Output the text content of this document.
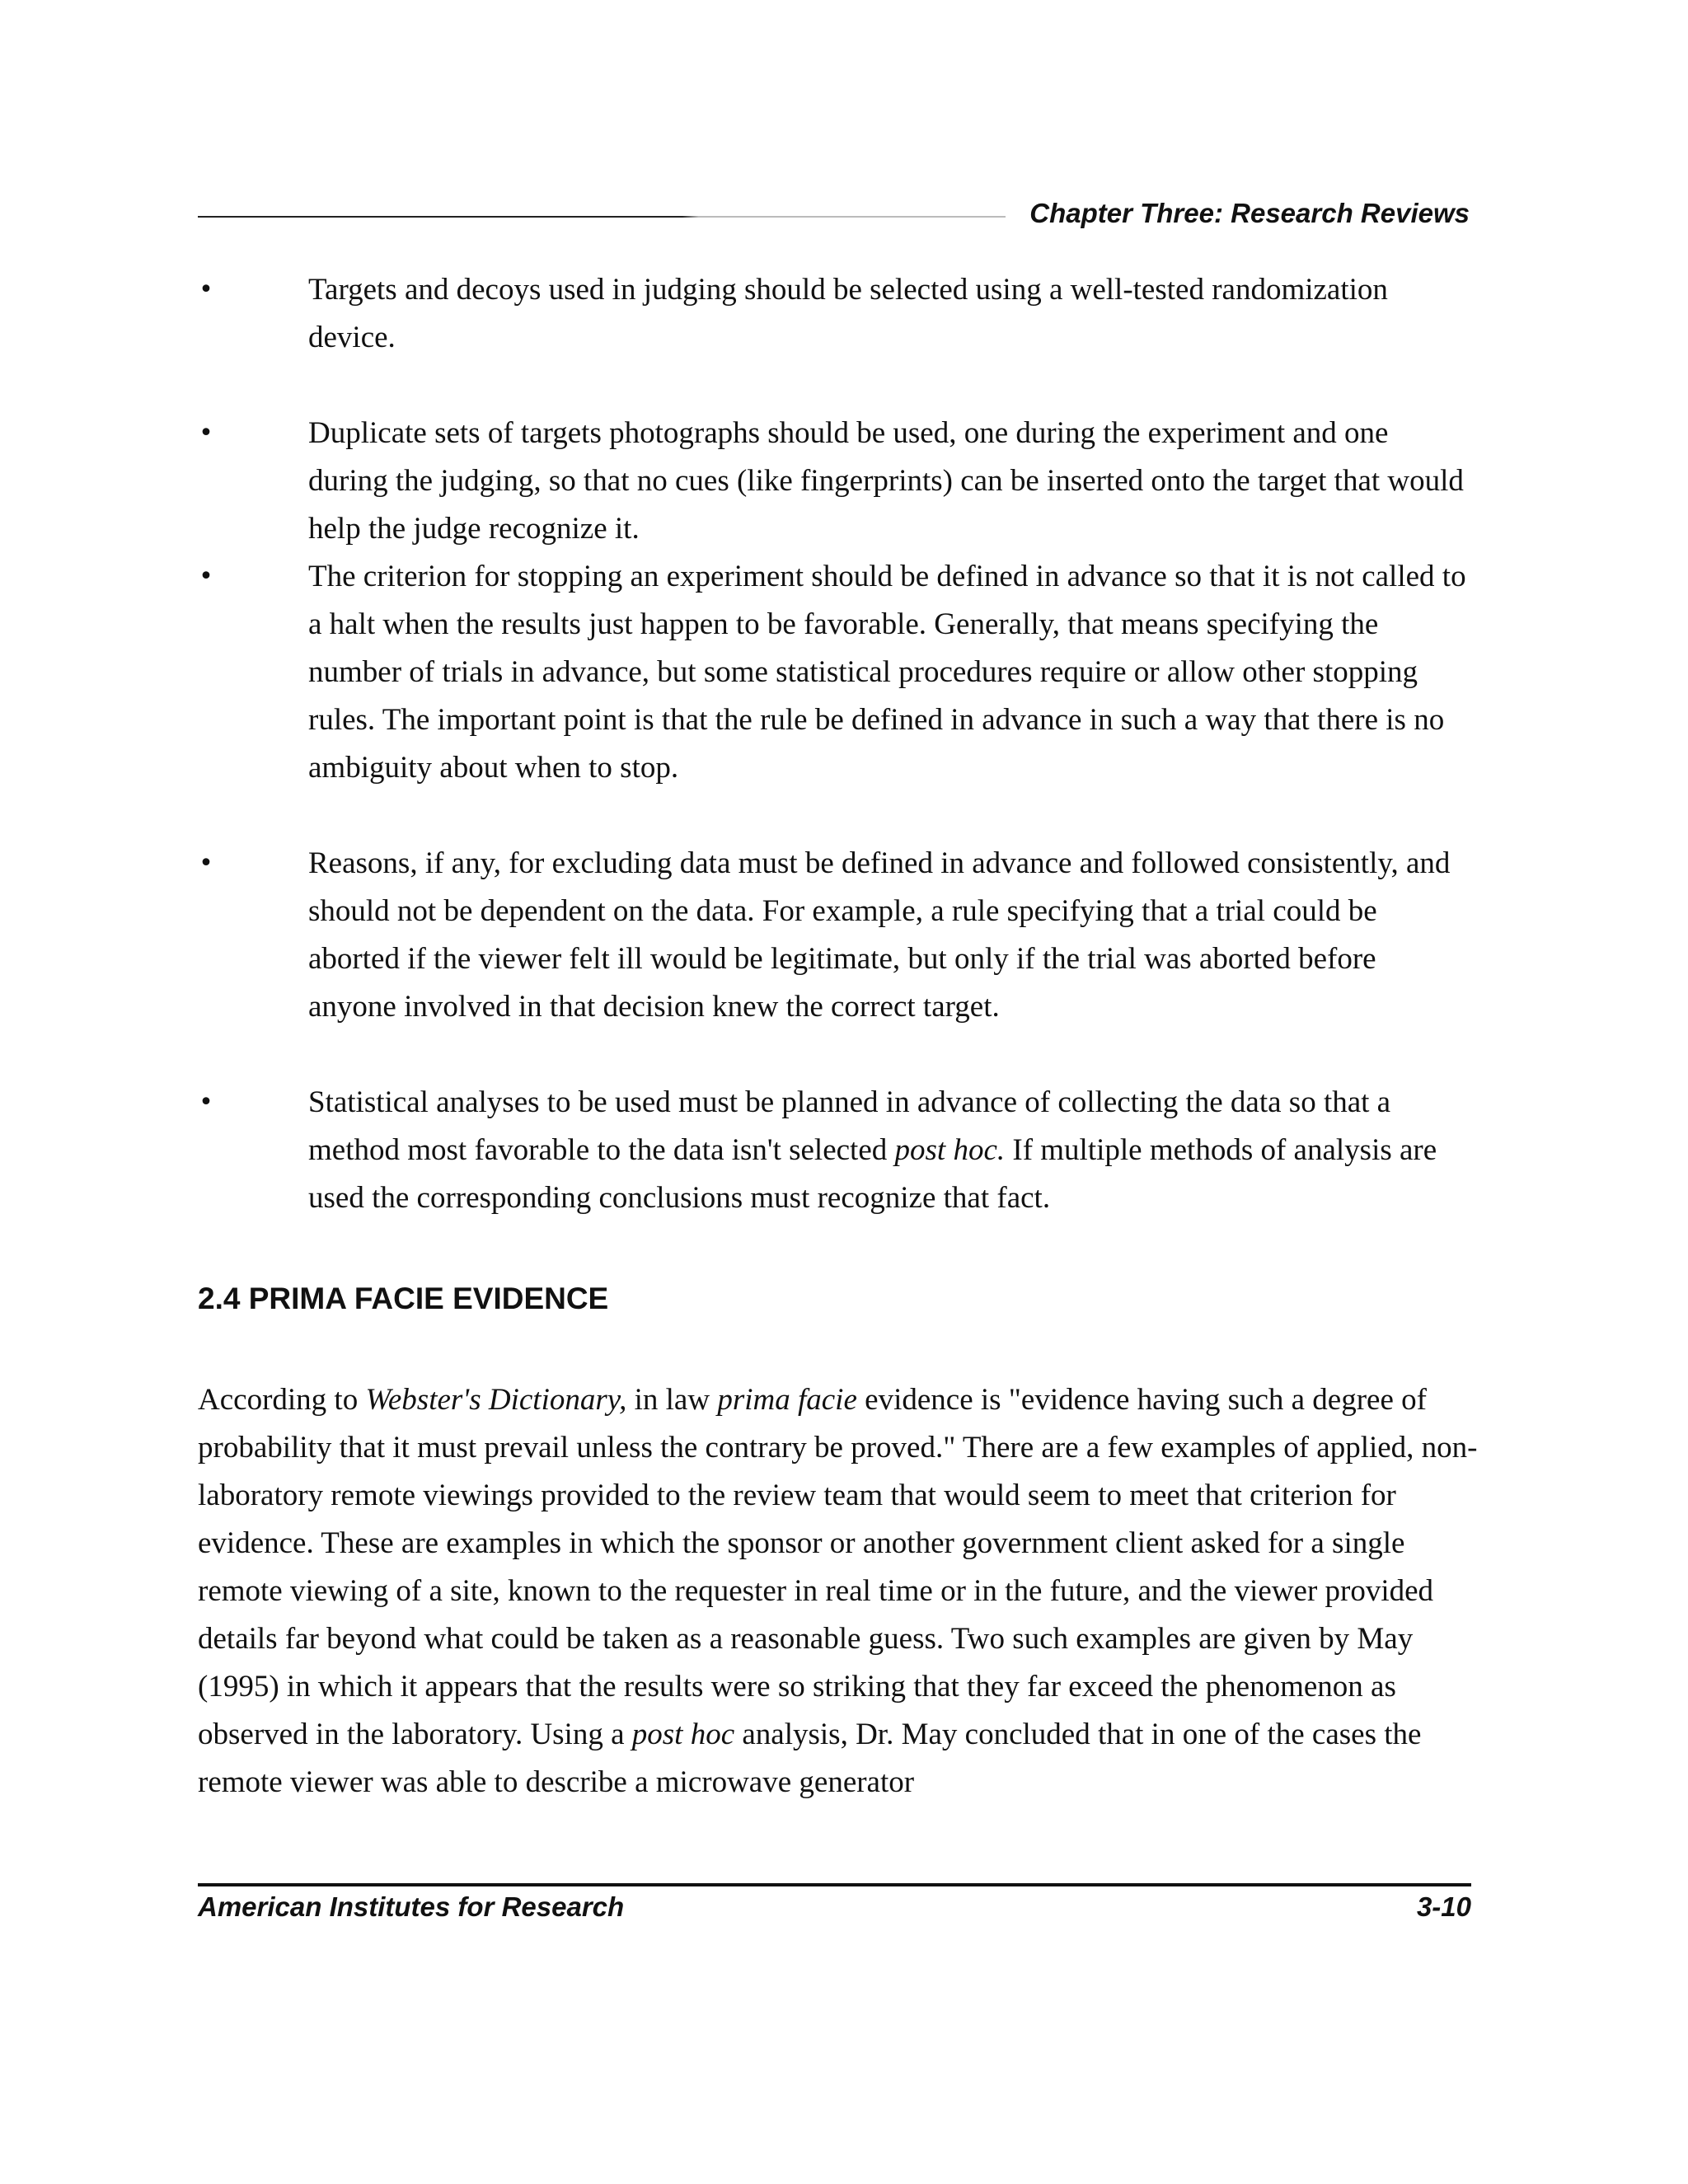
Chapter Three: Research Reviews
•	Targets and decoys used in judging should be selected using a well-tested randomization device.
•	Duplicate sets of targets photographs should be used, one during the experiment and one during the judging, so that no cues (like fingerprints) can be inserted onto the target that would help the judge recognize it.
•	The criterion for stopping an experiment should be defined in advance so that it is not called to a halt when the results just happen to be favorable. Generally, that means specifying the number of trials in advance, but some statistical procedures require or allow other stopping rules. The important point is that the rule be defined in advance in such a way that there is no ambiguity about when to stop.
•	Reasons, if any, for excluding data must be defined in advance and followed consistently, and should not be dependent on the data. For example, a rule specifying that a trial could be aborted if the viewer felt ill would be legitimate, but only if the trial was aborted before anyone involved in that decision knew the correct target.
•	Statistical analyses to be used must be planned in advance of collecting the data so that a method most favorable to the data isn't selected post hoc. If multiple methods of analysis are used the corresponding conclusions must recognize that fact.
2.4 PRIMA FACIE EVIDENCE

According to Webster's Dictionary, in law prima facie evidence is "evidence having such a degree of probability that it must prevail unless the contrary be proved." There are a few examples of applied, non-laboratory remote viewings provided to the review team that would seem to meet that criterion for evidence. These are examples in which the sponsor or another government client asked for a single remote viewing of a site, known to the requester in real time or in the future, and the viewer provided details far beyond what could be taken as a reasonable guess. Two such examples are given by May (1995) in which it appears that the results were so striking that they far exceed the phenomenon as observed in the laboratory. Using a post hoc analysis, Dr. May concluded that in one of the cases the remote viewer was able to describe a microwave generator

American Institutes for Research	3-10
